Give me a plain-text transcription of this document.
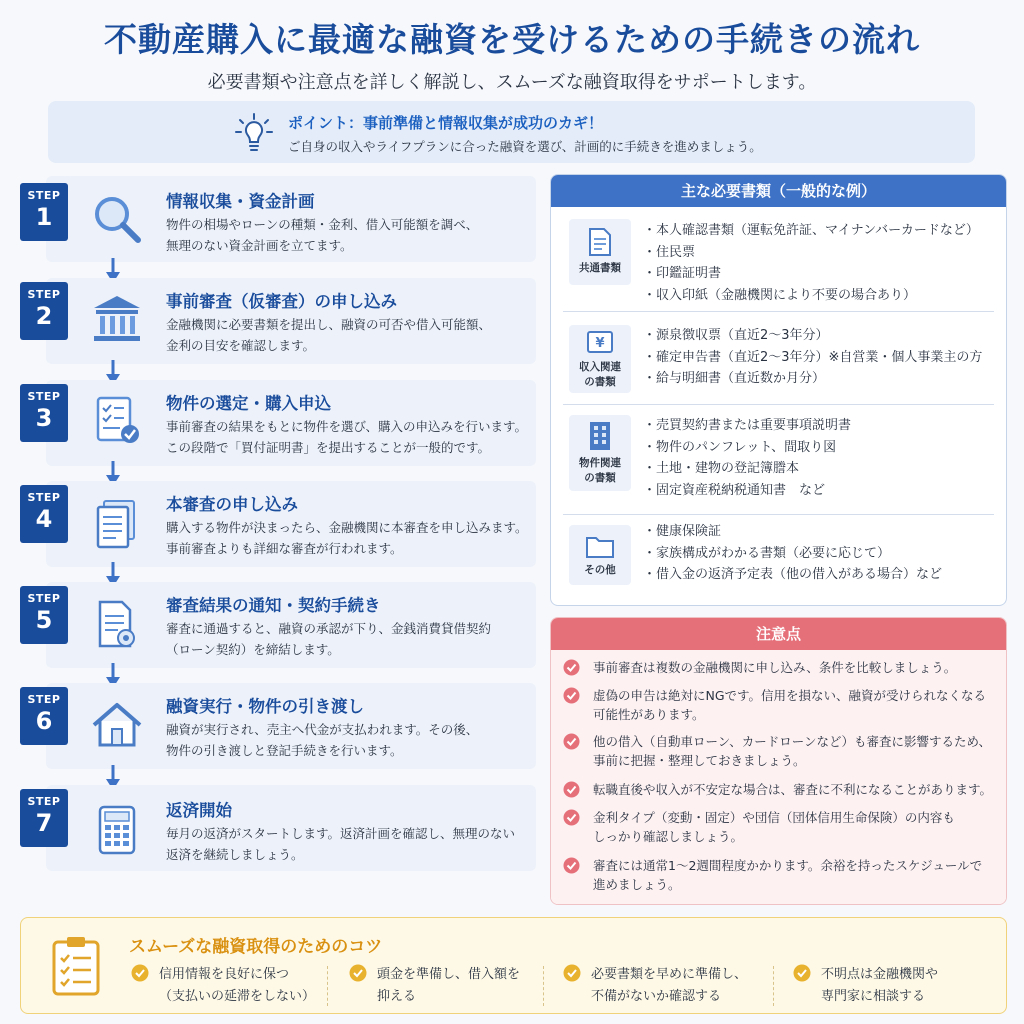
不動産購入に最適な融資を受けるための手続きの流れ
必要書類や注意点を詳しく解説し、スムーズな融資取得をサポートします。
ポイント：事前準備と情報収集が成功のカギ！
ご自身の収入やライフプランに合った融資を選び、計画的に手続きを進めましょう。
STEP
1
情報収集・資金計画
物件の相場やローンの種類・金利、借入可能額を調べ、
無理のない資金計画を立てます。
STEP
2
事前審査（仮審査）の申し込み
金融機関に必要書類を提出し、融資の可否や借入可能額、
金利の目安を確認します。
STEP
3
物件の選定・購入申込
事前審査の結果をもとに物件を選び、購入の申込みを行います。
この段階で「買付証明書」を提出することが一般的です。
STEP
4
本審査の申し込み
購入する物件が決まったら、金融機関に本審査を申し込みます。
事前審査よりも詳細な審査が行われます。
STEP
5
審査結果の通知・契約手続き
審査に通過すると、融資の承認が下り、金銭消費貸借契約
（ローン契約）を締結します。
STEP
6
融資実行・物件の引き渡し
融資が実行され、売主へ代金が支払われます。その後、
物件の引き渡しと登記手続きを行います。
STEP
7	返済開始
毎月の返済がスタートします。返済計画を確認し、無理のない
返済を継続しましょう。
主な必要書類（一般的な例）
共通書類
・本人確認書類（運転免許証、マイナンバーカードなど）
・住民票
・印鑑証明書
・収入印紙（金融機関により不要の場合あり）
¥
収入関連
の書類
・源泉徴収票（直近2〜3年分）
・確定申告書（直近2〜3年分）※自営業・個人事業主の方
・給与明細書（直近数か月分）
物件関連
の書類
・売買契約書または重要事項説明書
・物件のパンフレット、間取り図
・土地・建物の登記簿謄本
・固定資産税納税通知書　など
その他
・健康保険証
・家族構成がわかる書類（必要に応じて）
・借入金の返済予定表（他の借入がある場合）など
注意点
事前審査は複数の金融機関に申し込み、条件を比較しましょう。
虚偽の申告は絶対にNGです。信用を損ない、融資が受けられなくなる
可能性があります。
他の借入（自動車ローン、カードローンなど）も審査に影響するため、
事前に把握・整理しておきましょう。
転職直後や収入が不安定な場合は、審査に不利になることがあります。
金利タイプ（変動・固定）や団信（団体信用生命保険）の内容も
しっかり確認しましょう。
審査には通常1〜2週間程度かかります。余裕を持ったスケジュールで
進めましょう。
スムーズな融資取得のためのコツ
信用情報を良好に保つ
（支払いの延滞をしない）
頭金を準備し、借入額を
抑える
必要書類を早めに準備し、
不備がないか確認する
不明点は金融機関や
専門家に相談する
